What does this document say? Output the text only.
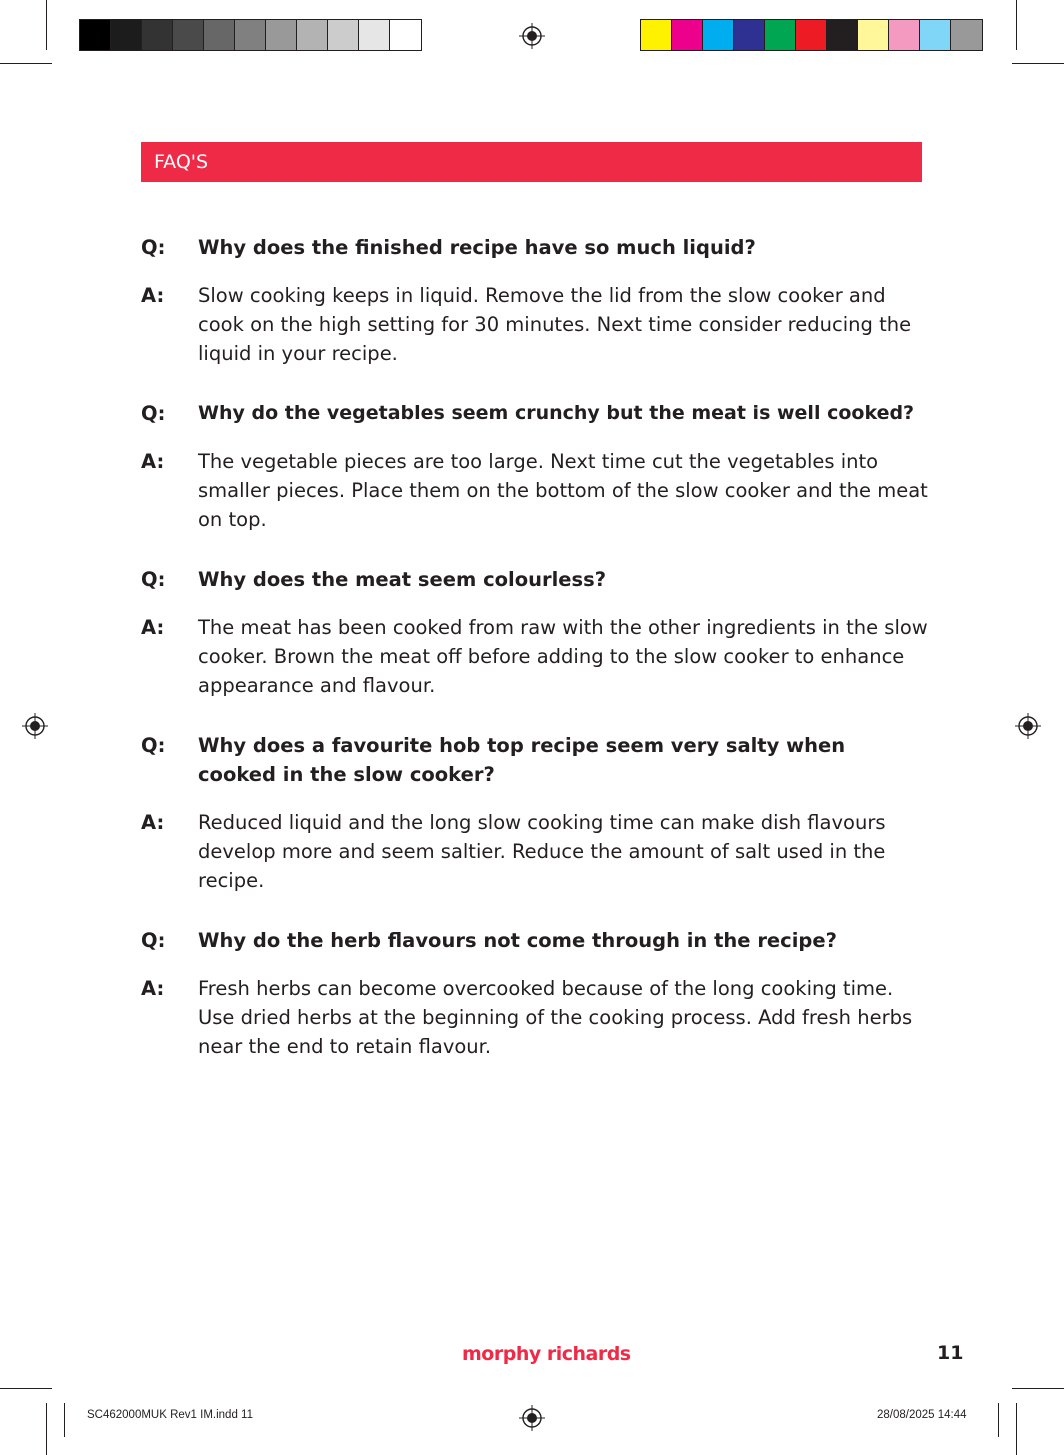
FAQ'S
Q: Why does the finished recipe have so much liquid?
A: Slow cooking keeps in liquid. Remove the lid from the slow cooker and cook on the high setting for 30 minutes. Next time consider reducing the liquid in your recipe.
Q: Why do the vegetables seem crunchy but the meat is well cooked?
A: The vegetable pieces are too large. Next time cut the vegetables into smaller pieces. Place them on the bottom of the slow cooker and the meat on top.
Q: Why does the meat seem colourless?
A: The meat has been cooked from raw with the other ingredients in the slow cooker. Brown the meat off before adding to the slow cooker to enhance appearance and flavour.
Q: Why does a favourite hob top recipe seem very salty when cooked in the slow cooker?
A: Reduced liquid and the long slow cooking time can make dish flavours develop more and seem saltier. Reduce the amount of salt used in the recipe.
Q: Why do the herb flavours not come through in the recipe?
A: Fresh herbs can become overcooked because of the long cooking time. Use dried herbs at the beginning of the cooking process. Add fresh herbs near the end to retain flavour.
morphy richards	11
SC462000MUK Rev1 IM.indd 11	28/08/2025 14:44
